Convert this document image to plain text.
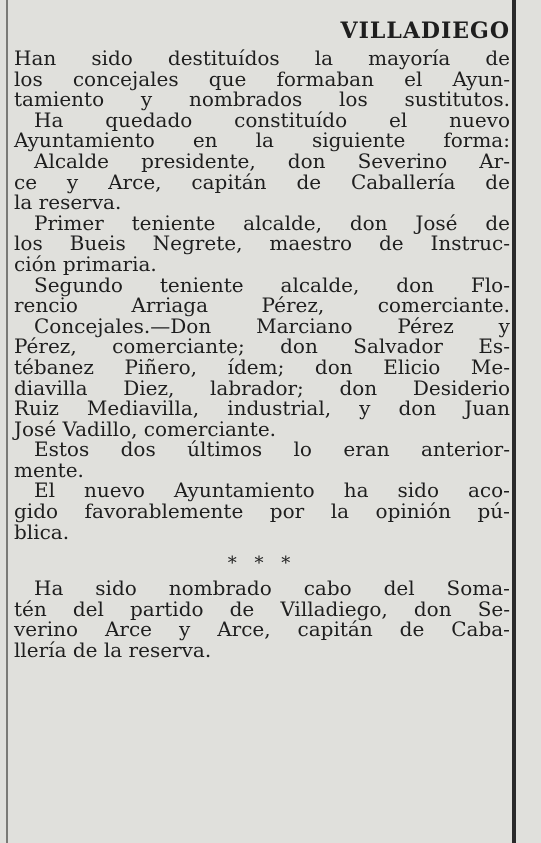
VILLADIEGO
Han sido destituídos la mayoría de
los concejales que formaban el Ayun-
tamiento y nombrados los sustitutos.
Ha quedado constituído el nuevo
Ayuntamiento en la siguiente forma:
Alcalde presidente, don Severino Ar-
ce y Arce, capitán de Caballería de
la reserva.
Primer teniente alcalde, don José de
los Bueis Negrete, maestro de Instruc-
ción primaria.
Segundo teniente alcalde, don Flo-
rencio	Arriaga	Pérez,	comerciante.
Concejales.—Don Marciano Pérez y
Pérez, comerciante; don Salvador Es-
tébanez Piñero, ídem; don Elicio Me-
diavilla Diez, labrador; don Desiderio
Ruiz Mediavilla, industrial, y don Juan
José Vadillo, comerciante.
Estos dos últimos lo eran anterior-
mente.
El nuevo Ayuntamiento ha sido aco-
gido favorablemente por la opinión pú-
blica.
* * *
Ha sido nombrado cabo del Soma-
tén del partido de Villadiego, don Se-
verino Arce y Arce, capitán de Caba-
llería de la reserva.
